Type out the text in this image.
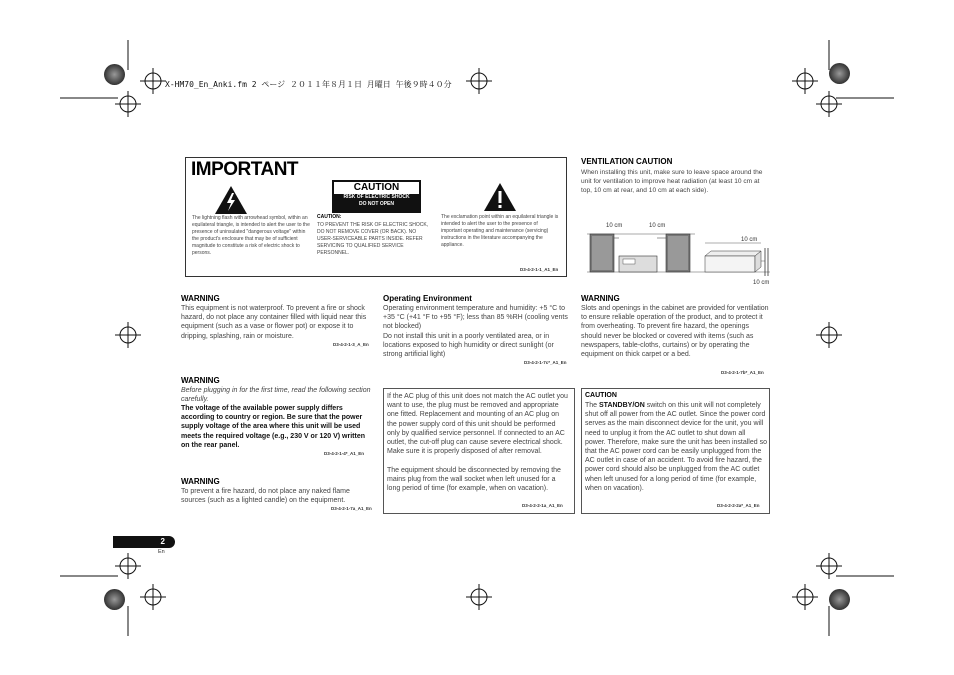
X-HM70_En_Anki.fm 2 ページ ２０１１年８月１日 月曜日 午後９時４０分
IMPORTANT
CAUTION
RISK OF ELECTRIC SHOCK
DO NOT OPEN
The lightning flash with arrowhead symbol, within an equilateral triangle, is intended to alert the user to the presence of uninsulated "dangerous voltage" within the product's enclosure that may be of sufficient magnitude to constitute a risk of electric shock to persons.
CAUTION:
TO PREVENT THE RISK OF ELECTRIC SHOCK, DO NOT REMOVE COVER (OR BACK). NO USER-SERVICEABLE PARTS INSIDE. REFER SERVICING TO QUALIFIED SERVICE PERSONNEL.
The exclamation point within an equilateral triangle is intended to alert the user to the presence of important operating and maintenance (servicing) instructions in the literature accompanying the appliance.
D3-4-2-1-1_A1_En
VENTILATION CAUTION
When installing this unit, make sure to leave space around the unit for ventilation to improve heat radiation (at least 10 cm at top, 10 cm at rear, and 10 cm at each side).
10 cm	10 cm
10 cm
10 cm
WARNING
This equipment is not waterproof. To prevent a fire or shock hazard, do not place any container filled with liquid near this equipment (such as a vase or flower pot) or expose it to dripping, splashing, rain or moisture.
D3-4-2-1-3_A_En
WARNING
Before plugging in for the first time, read the following section carefully.
The voltage of the available power supply differs according to country or region. Be sure that the power supply voltage of the area where this unit will be used meets the required voltage (e.g., 230 V or 120 V) written on the rear panel.
D3-4-2-1-4*_A1_En
WARNING
To prevent a fire hazard, do not place any naked flame sources (such as a lighted candle) on the equipment.
D3-4-2-1-7a_A1_En
Operating Environment
Operating environment temperature and humidity: +5 °C to +35 °C (+41 °F to +95 °F); less than 85 %RH (cooling vents not blocked)
Do not install this unit in a poorly ventilated area, or in locations exposed to high humidity or direct sunlight (or strong artificial light)
D3-4-2-1-7c*_A1_En
If the AC plug of this unit does not match the AC outlet you want to use, the plug must be removed and appropriate one fitted. Replacement and mounting of an AC plug on the power supply cord of this unit should be performed only by qualified service personnel. If connected to an AC outlet, the cut-off plug can cause severe electrical shock. Make sure it is properly disposed of after removal.
The equipment should be disconnected by removing the mains plug from the wall socket when left unused for a long period of time (for example, when on vacation).
D3-4-2-2-1a_A1_En
WARNING
Slots and openings in the cabinet are provided for ventilation to ensure reliable operation of the product, and to protect it from overheating. To prevent fire hazard, the openings should never be blocked or covered with items (such as newspapers, table-cloths, curtains) or by operating the equipment on thick carpet or a bed.
D3-4-2-1-7b*_A1_En
CAUTION
The STANDBY/ON switch on this unit will not completely shut off all power from the AC outlet. Since the power cord serves as the main disconnect device for the unit, you will need to unplug it from the AC outlet to shut down all power. Therefore, make sure the unit has been installed so that the AC power cord can be easily unplugged from the AC outlet in case of an accident. To avoid fire hazard, the power cord should also be unplugged from the AC outlet when left unused for a long period of time (for example, when on vacation).
D3-4-2-2-2a*_A1_En
2
En
